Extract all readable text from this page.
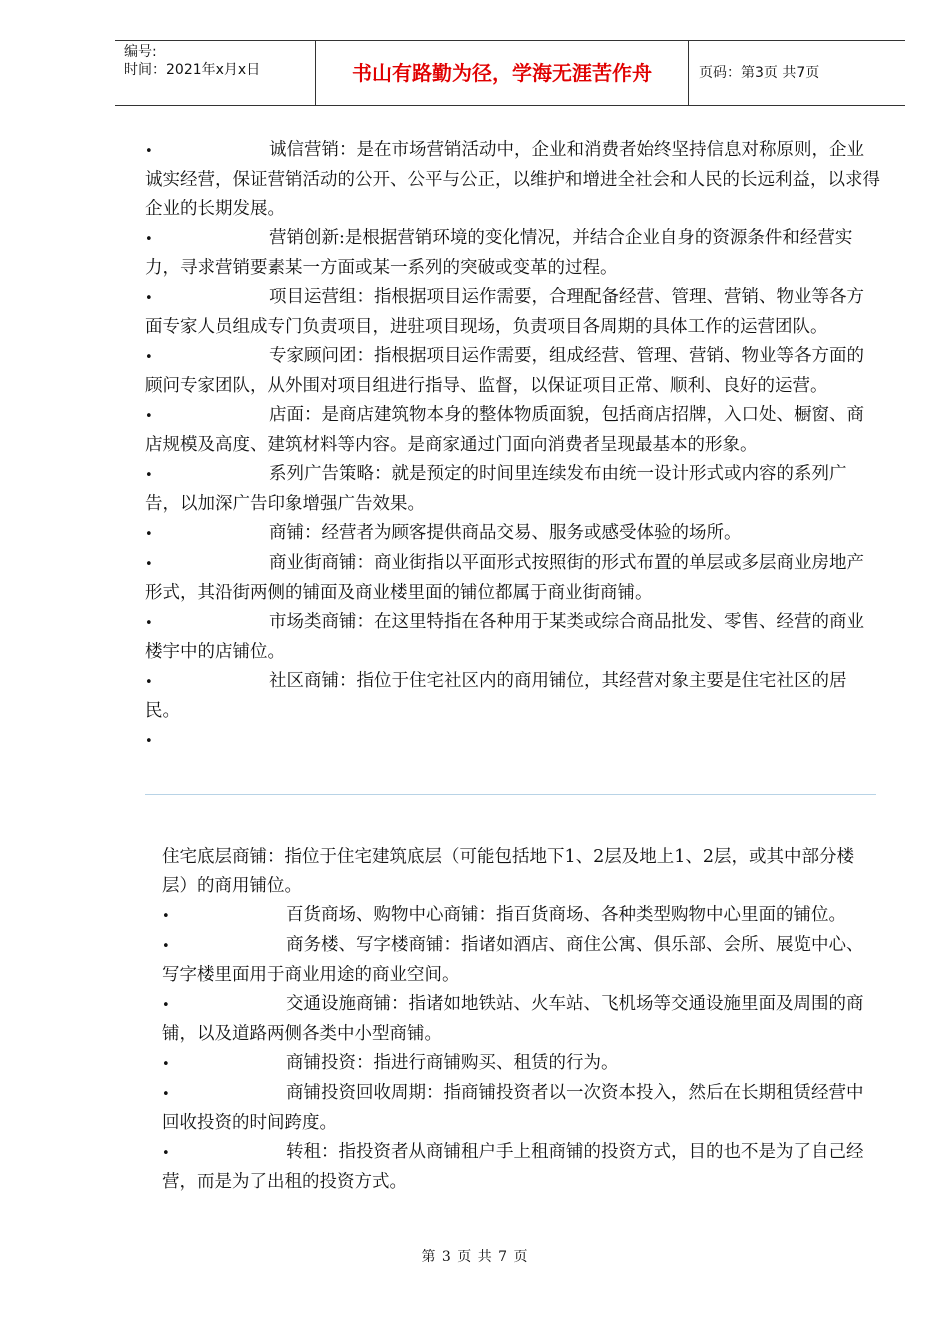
编号:
时间：2021年x月x日	书山有路勤为径，学海无涯苦作舟	页码：第3页 共7页

•	诚信营销：是在市场营销活动中，企业和消费者始终坚持信息对称原则，企业诚实经营，保证营销活动的公开、公平与公正，以维护和增进全社会和人民的长远利益，以求得企业的长期发展。

•	营销创新:是根据营销环境的变化情况，并结合企业自身的资源条件和经营实力，寻求营销要素某一方面或某一系列的突破或变革的过程。

•	项目运营组：指根据项目运作需要，合理配备经营、管理、营销、物业等各方面专家人员组成专门负责项目，进驻项目现场，负责项目各周期的具体工作的运营团队。

•	专家顾问团：指根据项目运作需要，组成经营、管理、营销、物业等各方面的顾问专家团队，从外围对项目组进行指导、监督，以保证项目正常、顺利、良好的运营。

•	店面：是商店建筑物本身的整体物质面貌，包括商店招牌，入口处、橱窗、商店规模及高度、建筑材料等内容。是商家通过门面向消费者呈现最基本的形象。

•	系列广告策略：就是预定的时间里连续发布由统一设计形式或内容的系列广告，以加深广告印象增强广告效果。

•	商铺：经营者为顾客提供商品交易、服务或感受体验的场所。

•	商业街商铺：商业街指以平面形式按照街的形式布置的单层或多层商业房地产形式，其沿街两侧的铺面及商业楼里面的铺位都属于商业街商铺。

•	市场类商铺：在这里特指在各种用于某类或综合商品批发、零售、经营的商业楼宇中的店铺位。

•	社区商铺：指位于住宅社区内的商用铺位，其经营对象主要是住宅社区的居民。

•

住宅底层商铺：指位于住宅建筑底层（可能包括地下1、2层及地上1、2层，或其中部分楼层）的商用铺位。

•	百货商场、购物中心商铺：指百货商场、各种类型购物中心里面的铺位。

•	商务楼、写字楼商铺：指诸如酒店、商住公寓、俱乐部、会所、展览中心、写字楼里面用于商业用途的商业空间。

•	交通设施商铺：指诸如地铁站、火车站、飞机场等交通设施里面及周围的商铺，以及道路两侧各类中小型商铺。

•	商铺投资：指进行商铺购买、租赁的行为。

•	商铺投资回收周期：指商铺投资者以一次资本投入，然后在长期租赁经营中回收投资的时间跨度。

•	转租：指投资者从商铺租户手上租商铺的投资方式，目的也不是为了自己经营，而是为了出租的投资方式。

第 3 页 共 7 页
